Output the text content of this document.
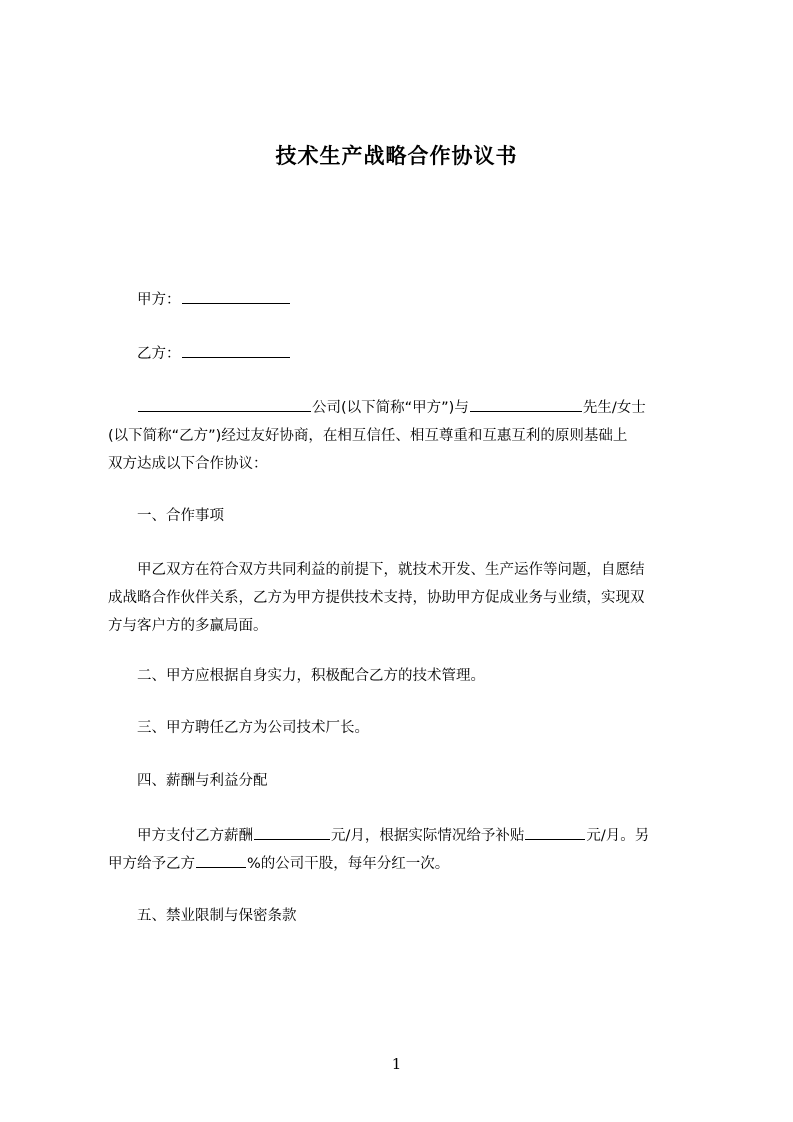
技术生产战略合作协议书
甲方：
乙方：
公司(以下简称“甲方”)与	先生/女士
(以下简称“乙方”)经过友好协商，在相互信任、相互尊重和互惠互利的原则基础上
双方达成以下合作协议：
一、合作事项
甲乙双方在符合双方共同利益的前提下，就技术开发、生产运作等问题，自愿结
成战略合作伙伴关系，乙方为甲方提供技术支持，协助甲方促成业务与业绩，实现双
方与客户方的多赢局面。
二、甲方应根据自身实力，积极配合乙方的技术管理。
三、甲方聘任乙方为公司技术厂长。
四、薪酬与利益分配
甲方支付乙方薪酬	元/月，根据实际情况给予补贴	元/月。另
甲方给予乙方	%的公司干股，每年分红一次。
五、禁业限制与保密条款
1
